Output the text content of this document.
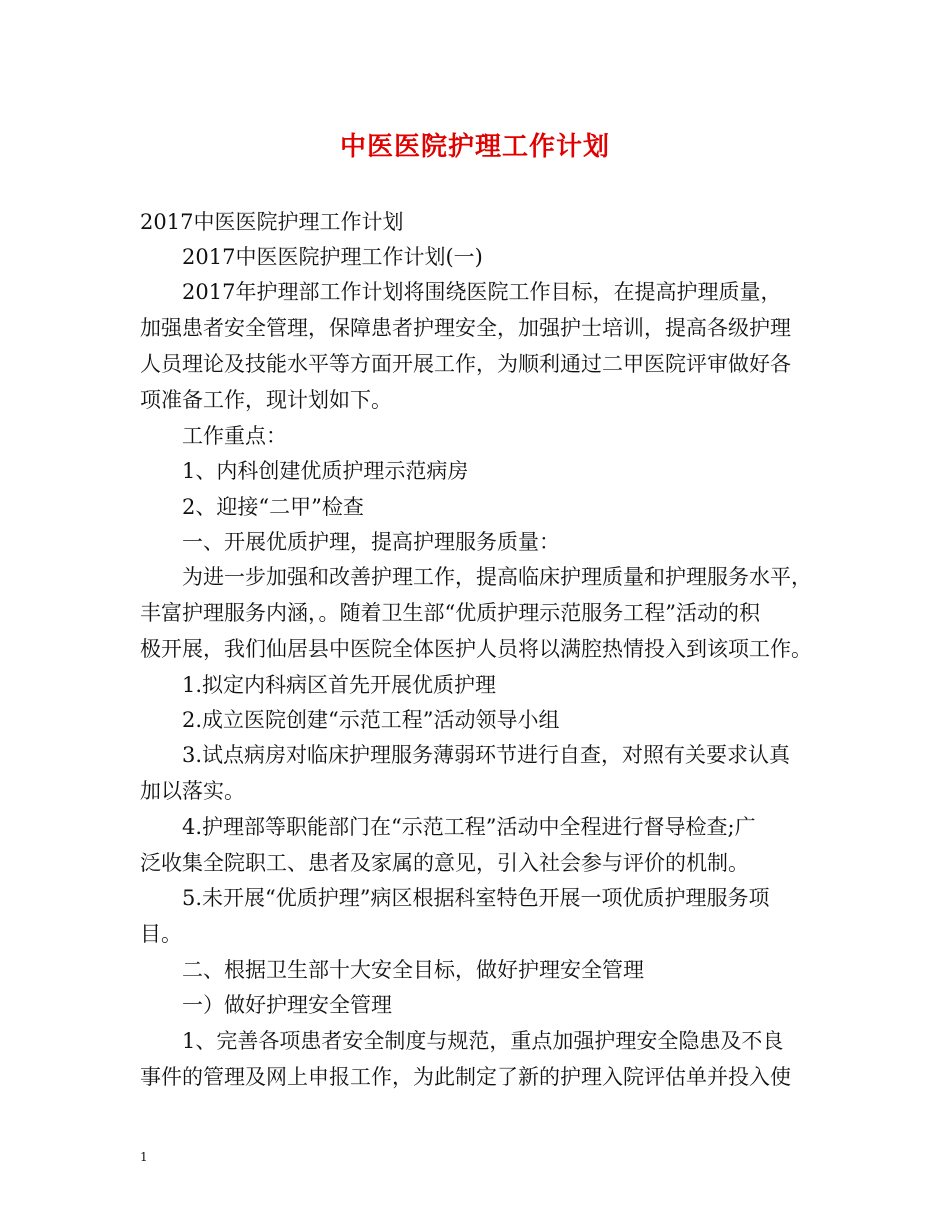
中医医院护理工作计划
2017中医医院护理工作计划
2017中医医院护理工作计划(一)
2017年护理部工作计划将围绕医院工作目标，在提高护理质量，
加强患者安全管理，保障患者护理安全，加强护士培训，提高各级护理
人员理论及技能水平等方面开展工作，为顺利通过二甲医院评审做好各
项准备工作，现计划如下。
工作重点：
1、内科创建优质护理示范病房
2、迎接“二甲”检查
一、开展优质护理，提高护理服务质量：
为进一步加强和改善护理工作，提高临床护理质量和护理服务水平，
丰富护理服务内涵，。随着卫生部“优质护理示范服务工程”活动的积
极开展，我们仙居县中医院全体医护人员将以满腔热情投入到该项工作。
1.拟定内科病区首先开展优质护理
2.成立医院创建“示范工程”活动领导小组
3.试点病房对临床护理服务薄弱环节进行自查，对照有关要求认真
加以落实。
4.护理部等职能部门在“示范工程”活动中全程进行督导检查;广
泛收集全院职工、患者及家属的意见，引入社会参与评价的机制。
5.未开展“优质护理”病区根据科室特色开展一项优质护理服务项
目。
二、根据卫生部十大安全目标，做好护理安全管理
一）做好护理安全管理
1、完善各项患者安全制度与规范，重点加强护理安全隐患及不良
事件的管理及网上申报工作，为此制定了新的护理入院评估单并投入使
1
